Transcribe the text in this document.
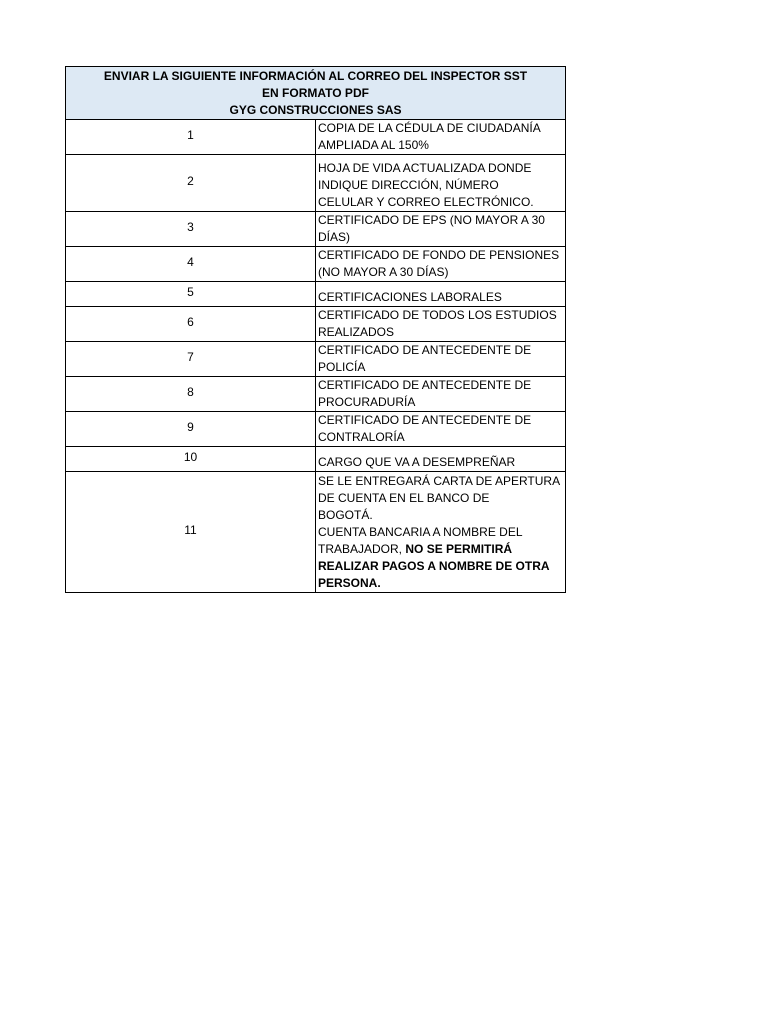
ENVIAR LA SIGUIENTE INFORMACIÓN AL CORREO DEL INSPECTOR SST
EN FORMATO PDF
GYG CONSTRUCCIONES SAS	

1	COPIA DE LA CÉDULA DE CIUDADANÍA AMPLIADA AL 150%
2	HOJA DE VIDA ACTUALIZADA DONDE INDIQUE DIRECCIÓN, NÚMERO
CELULAR Y CORREO ELECTRÓNICO.

3	CERTIFICADO DE EPS (NO MAYOR A 30 DÍAS)
4	CERTIFICADO DE FONDO DE PENSIONES (NO MAYOR A 30 DÍAS)
5	CERTIFICACIONES LABORALES
6	CERTIFICADO DE TODOS LOS ESTUDIOS REALIZADOS
7	CERTIFICADO DE ANTECEDENTE DE POLICÍA
8	CERTIFICADO DE ANTECEDENTE DE PROCURADURÍA
9	CERTIFICADO DE ANTECEDENTE DE CONTRALORÍA
10	CARGO QUE VA A DESEMPREÑAR
11	SE LE ENTREGARÁ CARTA DE APERTURA DE CUENTA EN EL BANCO DE
BOGOTÁ.
CUENTA BANCARIA A NOMBRE DEL TRABAJADOR, NO SE PERMITIRÁ
REALIZAR PAGOS A NOMBRE DE OTRA PERSONA.
